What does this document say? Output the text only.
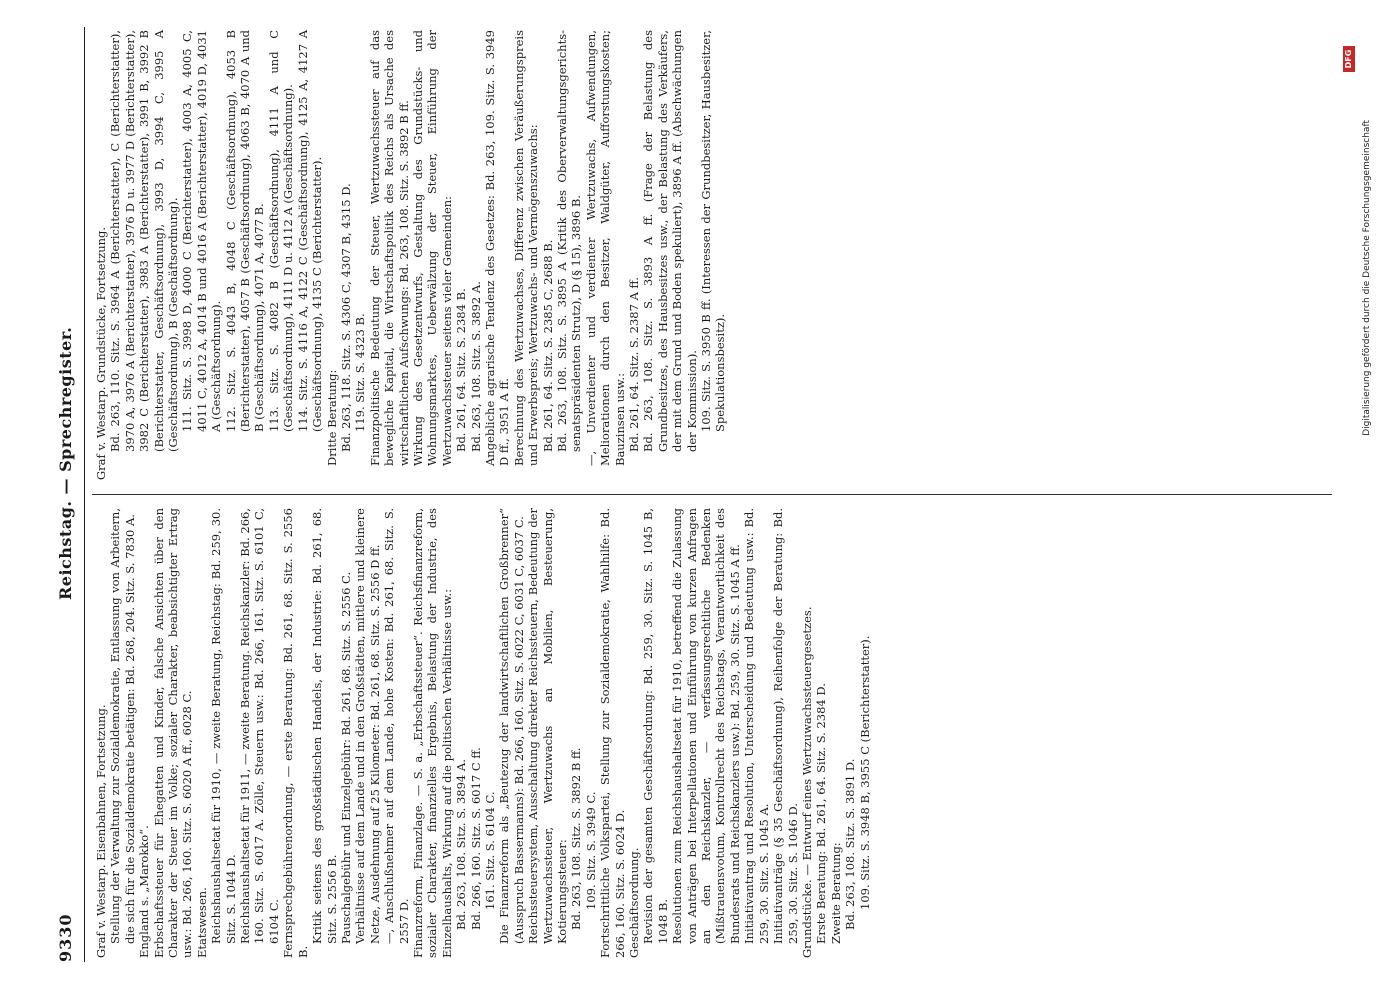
9330
Reichstag. — Sprechregister.

Graf v. Westarp. Eisenbahnen, Fortsetzung. Stellung der Verwaltung zur Sozialdemokratie, Entlassung von Arbeitern, die sich für die Sozialdemokratie betätigen: Bd. 268, 204. Sitz. S. 7830 A. England s. „Marokko“. Erbschaftssteuer für Ehegatten und Kinder, falsche Ansichten über den Charakter der Steuer im Volke; sozialer Charakter, beabsichtigter Ertrag usw.: Bd. 266, 160. Sitz. S. 6020 A ff., 6028 C. Etatswesen. Reichshaushaltsetat für 1910, — zweite Beratung, Reichstag: Bd. 259, 30. Sitz. S. 1044 D. Reichshaushaltsetat für 1911, — zweite Beratung. Reichskanzler: Bd. 266, 160. Sitz. S. 6017 A. Zölle, Steuern usw.: Bd. 266, 161. Sitz. S. 6101 C, 6104 C. Fernsprechgebührenordnung, — erste Beratung: Bd. 261, 68. Sitz. S. 2556 B.

Kritik seitens des großstädtischen Handels, der Industrie: Bd. 261, 68. Sitz. S. 2556 B. Pauschalgebühr und Einzelgebühr: Bd. 261, 68. Sitz. S. 2556 C. Verhältnisse auf dem Lande und in den Großstädten, mittlere und kleinere Netze, Ausdehnung auf 25 Kilometer: Bd. 261, 68. Sitz. S. 2556 D ff. —, Anschlußnehmer auf dem Lande, hohe Kosten: Bd. 261, 68. Sitz. S. 2557 D. Finanzreform, Finanzlage. — S. a. „Erbschaftssteuer“. Reichsfinanzreform, sozialer Charakter, finanzielles Ergebnis, Belastung der Industrie, des Einzelhaushalts, Wirkung auf die politischen Verhältnisse usw.: Bd. 263, 108. Sitz. S. 3894 A. Bd. 266, 160. Sitz. S. 6017 C ff. 161. Sitz. S. 6104 C. Die Finanzreform als „Beutezug der landwirtschaftlichen Großbrenner“ (Ausspruch Bassermanns): Bd. 266, 160. Sitz. S. 6022 C, 6031 C, 6037 C. Reichssteuersystem, Ausschaltung direkter Reichssteuern, Bedeutung der Wertzuwachssteuer, Wertzuwachs an Mobilien, Besteuerung, Kotierungssteuer: Bd. 263, 108. Sitz. S. 3892 B ff. 109. Sitz. S. 3949 C. Fortschrittliche Volkspartei, Stellung zur Sozialdemokratie, Wahlhilfe: Bd. 266, 160. Sitz. S. 6024 D. Geschäftsordnung. Revision der gesamten Geschäftsordnung: Bd. 259, 30. Sitz. S. 1045 B, 1048 B. Resolutionen zum Reichshaushaltsetat für 1910, betreffend die Zulassung von Anträgen bei Interpellationen und Einführung von kurzen Anfragen an den Reichskanzler, — verfassungsrechtliche Bedenken (Mißtrauensvotum, Kontrollrecht des Reichstags, Verantwortlichkeit des Bundesrats und Reichskanzlers usw.): Bd. 259, 30. Sitz. S. 1045 A ff. Initiativantrag und Resolution, Unterscheidung und Bedeutung usw.: Bd. 259, 30. Sitz. S. 1045 A. Initiativanträge (§ 35 Geschäftsordnung), Reihenfolge der Beratung: Bd. 259, 30. Sitz. S. 1046 D. Grundstücke. — Entwurf eines Wertzuwachssteuergesetzes. Erste Beratung: Bd. 261, 64. Sitz. S. 2384 D. Zweite Beratung: Bd. 263, 108. Sitz. S. 3891 D. 109. Sitz. S. 3948 B, 3955 C (Berichterstatter).

Graf v. Westarp. Grundstücke, Fortsetzung. Bd. 263, 110. Sitz. S. 3964 A (Berichterstatter), C (Berichterstatter), 3970 A, 3976 A (Berichterstatter), 3976 D u. 3977 D (Berichterstatter), 3982 C (Berichterstatter), 3983 A (Berichterstatter), 3991 B, 3992 B (Berichterstatter, Geschäftsordnung), 3993 D, 3994 C, 3995 A (Geschäftsordnung), B (Geschäftsordnung). 111. Sitz. S. 3998 D, 4000 C (Berichterstatter), 4003 A, 4005 C, 4011 C, 4012 A, 4014 B und 4016 A (Berichterstatter), 4019 D, 4031 A (Geschäftsordnung). 112. Sitz. S. 4043 B, 4048 C (Geschäftsordnung), 4053 B (Berichterstatter), 4057 B (Geschäftsordnung), 4063 B, 4070 A und B (Geschäftsordnung), 4071 A, 4077 B. 113. Sitz. S. 4082 B (Geschäftsordnung), 4111 A und C (Geschäftsordnung), 4111 D u. 4112 A (Geschäftsordnung). 114. Sitz. S. 4116 A, 4122 C (Geschäftsordnung), 4125 A, 4127 A (Geschäftsordnung), 4135 C (Berichterstatter). Dritte Beratung: Bd. 263, 118. Sitz. S. 4306 C, 4307 B, 4315 D. 119. Sitz. S. 4323 B. Finanzpolitische Bedeutung der Steuer, Wertzuwachssteuer auf das bewegliche Kapital, die Wirtschaftspolitik des Reichs als Ursache des wirtschaftlichen Aufschwungs: Bd. 263, 108. Sitz. S. 3892 B ff. Wirkung des Gesetzentwurfs, Gestaltung des Grundstücks- und Wohnungsmarktes, Ueberwälzung der Steuer, Einführung der Wertzuwachssteuer seitens vieler Gemeinden: Bd. 261, 64. Sitz. S. 2384 B. Bd. 263, 108. Sitz. S. 3892 A. Angebliche agrarische Tendenz des Gesetzes: Bd. 263, 109. Sitz. S. 3949 D ff., 3951 A ff. Berechnung des Wertzuwachses, Differenz zwischen Veräußerungspreis und Erwerbspreis; Wertzuwachs- und Vermögenszuwachs: Bd. 261, 64. Sitz. S. 2385 C, 2688 B. Bd. 263, 108. Sitz. S. 3895 A (Kritik des Oberverwaltungsgerichts-senatspräsidenten Strutz), D (§ 15), 3896 B. —, Unverdienter und verdienter Wertzuwachs, Aufwendungen, Meliorationen durch den Besitzer, Waldgüter, Aufforstungskosten; Bauzinsen usw.: Bd. 261, 64. Sitz. S. 2387 A ff. Bd. 263, 108. Sitz. S. 3893 A ff. (Frage der Belastung des Grundbesitzes, des Hausbesitzes usw., der Belastung des Verkäufers, der mit dem Grund und Boden spekuliert), 3896 A ff. (Abschwächungen der Kommission). 109. Sitz. S. 3950 B ff. (Interessen der Grundbesitzer, Hausbesitzer, Spekulationsbesitz).	Digitalisierung gefördert durch die Deutsche Forschungsgemeinschaft
DFG
